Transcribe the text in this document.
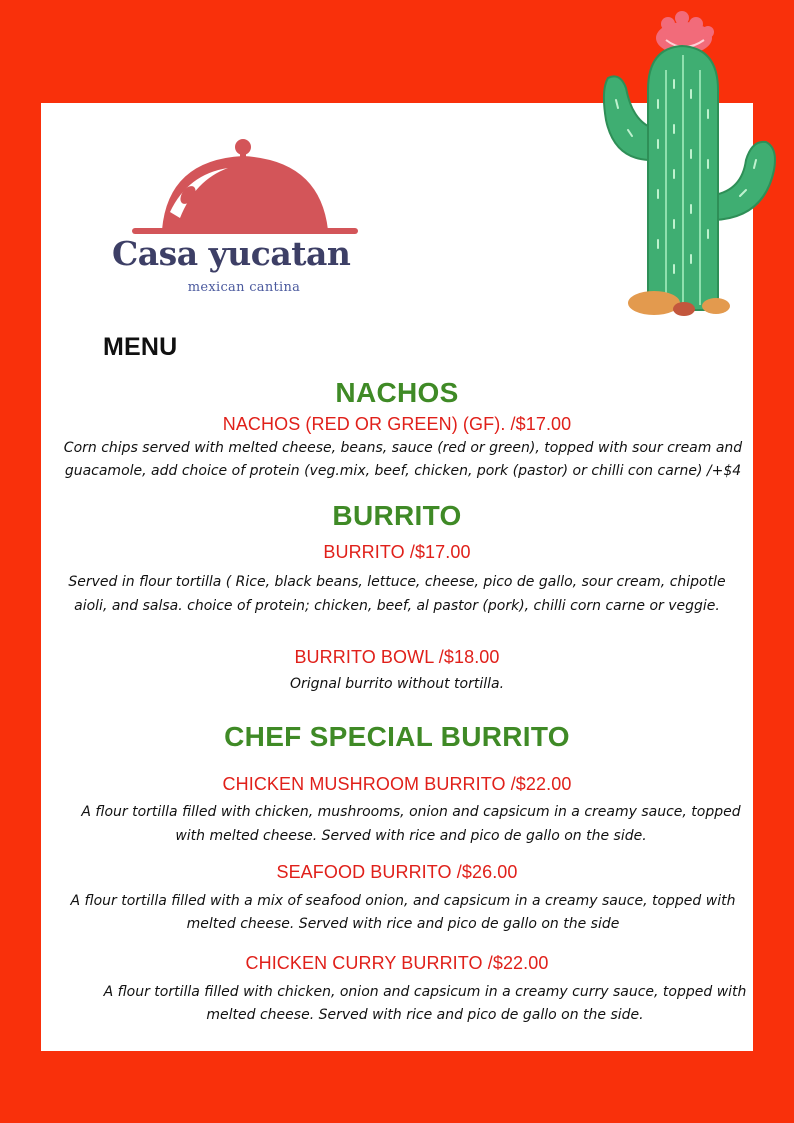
Casa yucatan
mexican cantina
MENU
NACHOS
NACHOS (RED OR GREEN) (GF). /$17.00
Corn chips served with melted cheese, beans, sauce (red or green), topped with sour cream and
guacamole, add choice of protein (veg.mix, beef, chicken, pork (pastor) or chilli con carne) /+$4
BURRITO
BURRITO /$17.00
Served in flour tortilla ( Rice, black beans, lettuce, cheese, pico de gallo, sour cream, chipotle
aioli, and salsa. choice of protein; chicken, beef, al pastor (pork), chilli corn carne or veggie.
BURRITO BOWL /$18.00
Orignal burrito without tortilla.
CHEF SPECIAL BURRITO
CHICKEN MUSHROOM BURRITO /$22.00
A flour tortilla filled with chicken, mushrooms, onion and capsicum in a creamy sauce, topped
with melted cheese. Served with rice and pico de gallo on the side.
SEAFOOD BURRITO /$26.00
A flour tortilla filled with a mix of seafood onion, and capsicum in a creamy sauce, topped with
melted cheese. Served with rice and pico de gallo on the side
CHICKEN CURRY BURRITO /$22.00
A flour tortilla filled with chicken, onion and capsicum in a creamy curry sauce, topped with
melted cheese. Served with rice and pico de gallo on the side.
